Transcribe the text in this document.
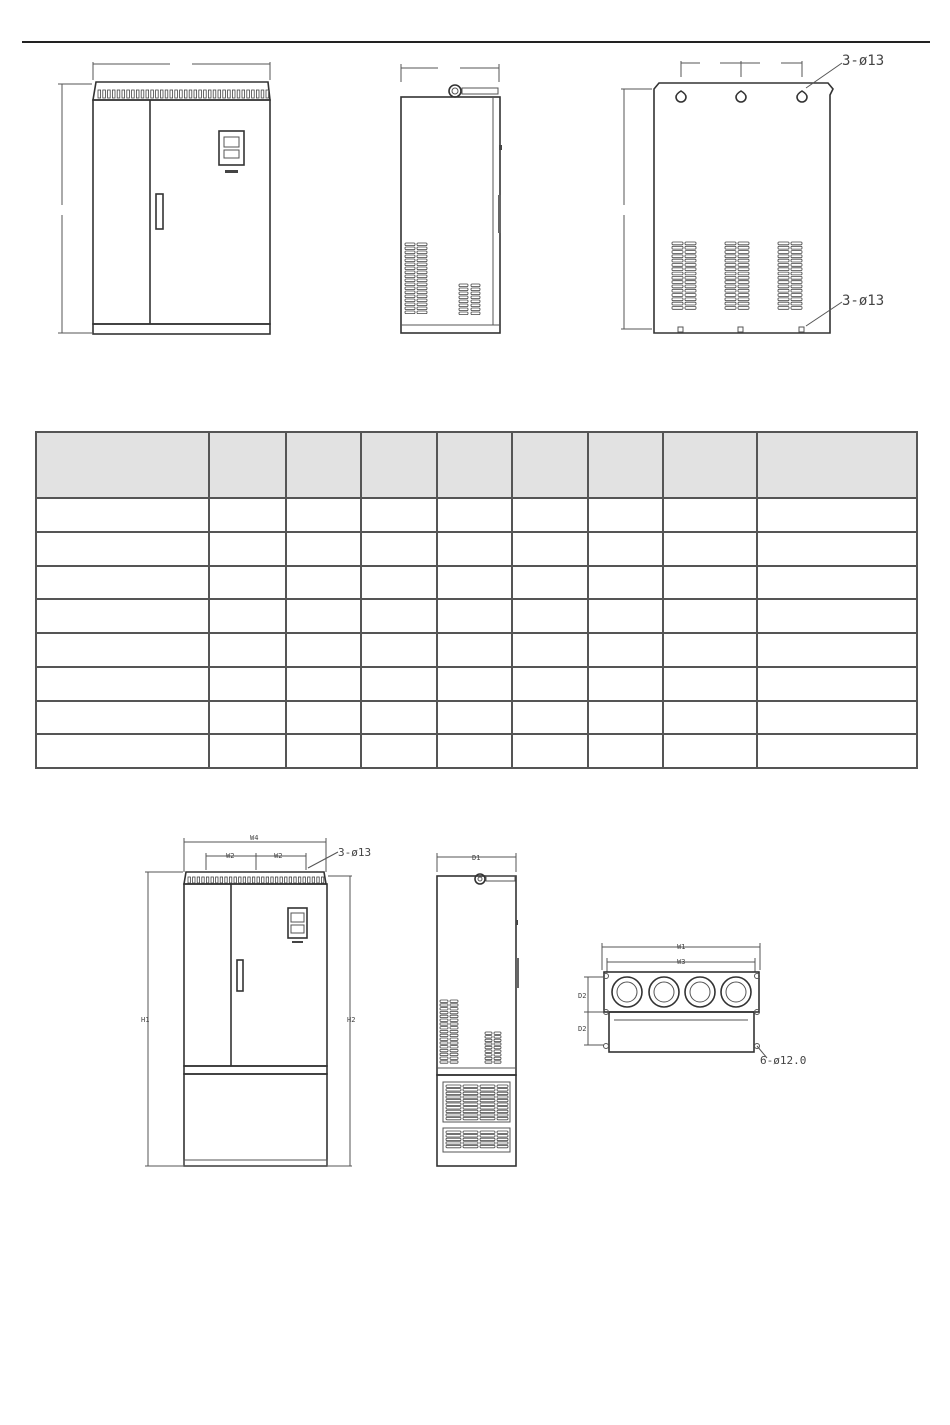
3-ø13
3-ø13
W4
W2	W2	3-ø13
H1	H2
D1
W1
W3
D2
D2
6-ø12.0
